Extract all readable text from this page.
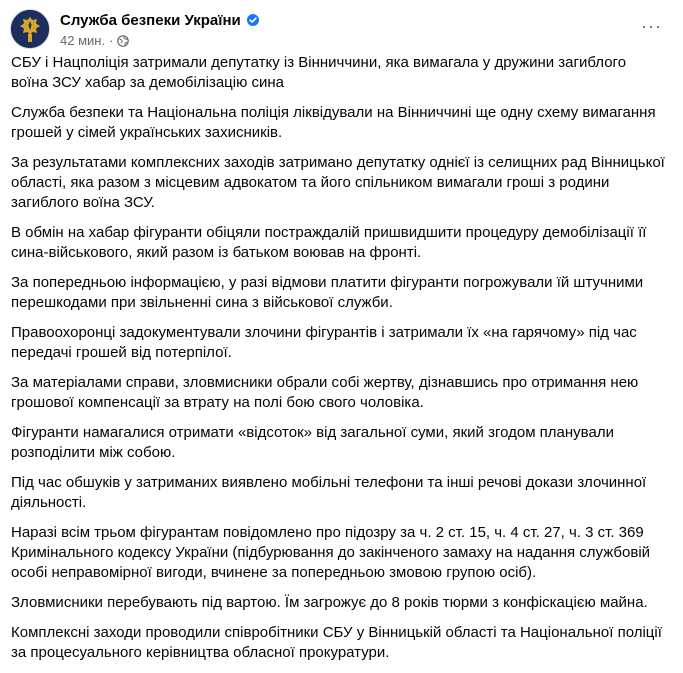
Служба безпеки України
42 мин. ·
···

СБУ і Нацполіція затримали депутатку із Вінниччини, яка вимагала у дружини загиблого воїна ЗСУ хабар за демобілізацію сина

Служба безпеки та Національна поліція ліквідували на Вінниччині ще одну схему вимагання грошей у сімей українських захисників.

За результатами комплексних заходів затримано депутатку однієї із селищних рад Вінницької області, яка разом з місцевим адвокатом та його спільником вимагали гроші з родини загиблого воїна ЗСУ.

В обмін на хабар фігуранти обіцяли постраждалій пришвидшити процедуру демобілізації її сина-військового, який разом із батьком воював на фронті.

За попередньою інформацією, у разі відмови платити фігуранти погрожували їй штучними перешкодами при звільненні сина з військової служби.

Правоохоронці задокументували злочини фігурантів і затримали їх «на гарячому» під час передачі грошей від потерпілої.

За матеріалами справи, зловмисники обрали собі жертву, дізнавшись про отримання нею грошової компенсації за втрату на полі бою свого чоловіка.

Фігуранти намагалися отримати «відсоток» від загальної суми, який згодом планували розподілити між собою.

Під час обшуків у затриманих виявлено мобільні телефони та інші речові докази злочинної діяльності.

Наразі всім трьом фігурантам повідомлено про підозру за ч. 2 ст. 15, ч. 4 ст. 27, ч. 3 ст. 369 Кримінального кодексу України (підбурювання до закінченого замаху на надання службовій особі неправомірної вигоди, вчинене за попередньою змовою групою осіб).

Зловмисники перебувають під вартою. Їм загрожує до 8 років тюрми з конфіскацією майна.

Комплексні заходи проводили співробітники СБУ у Вінницькій області та Національної поліції за процесуального керівництва обласної прокуратури.
